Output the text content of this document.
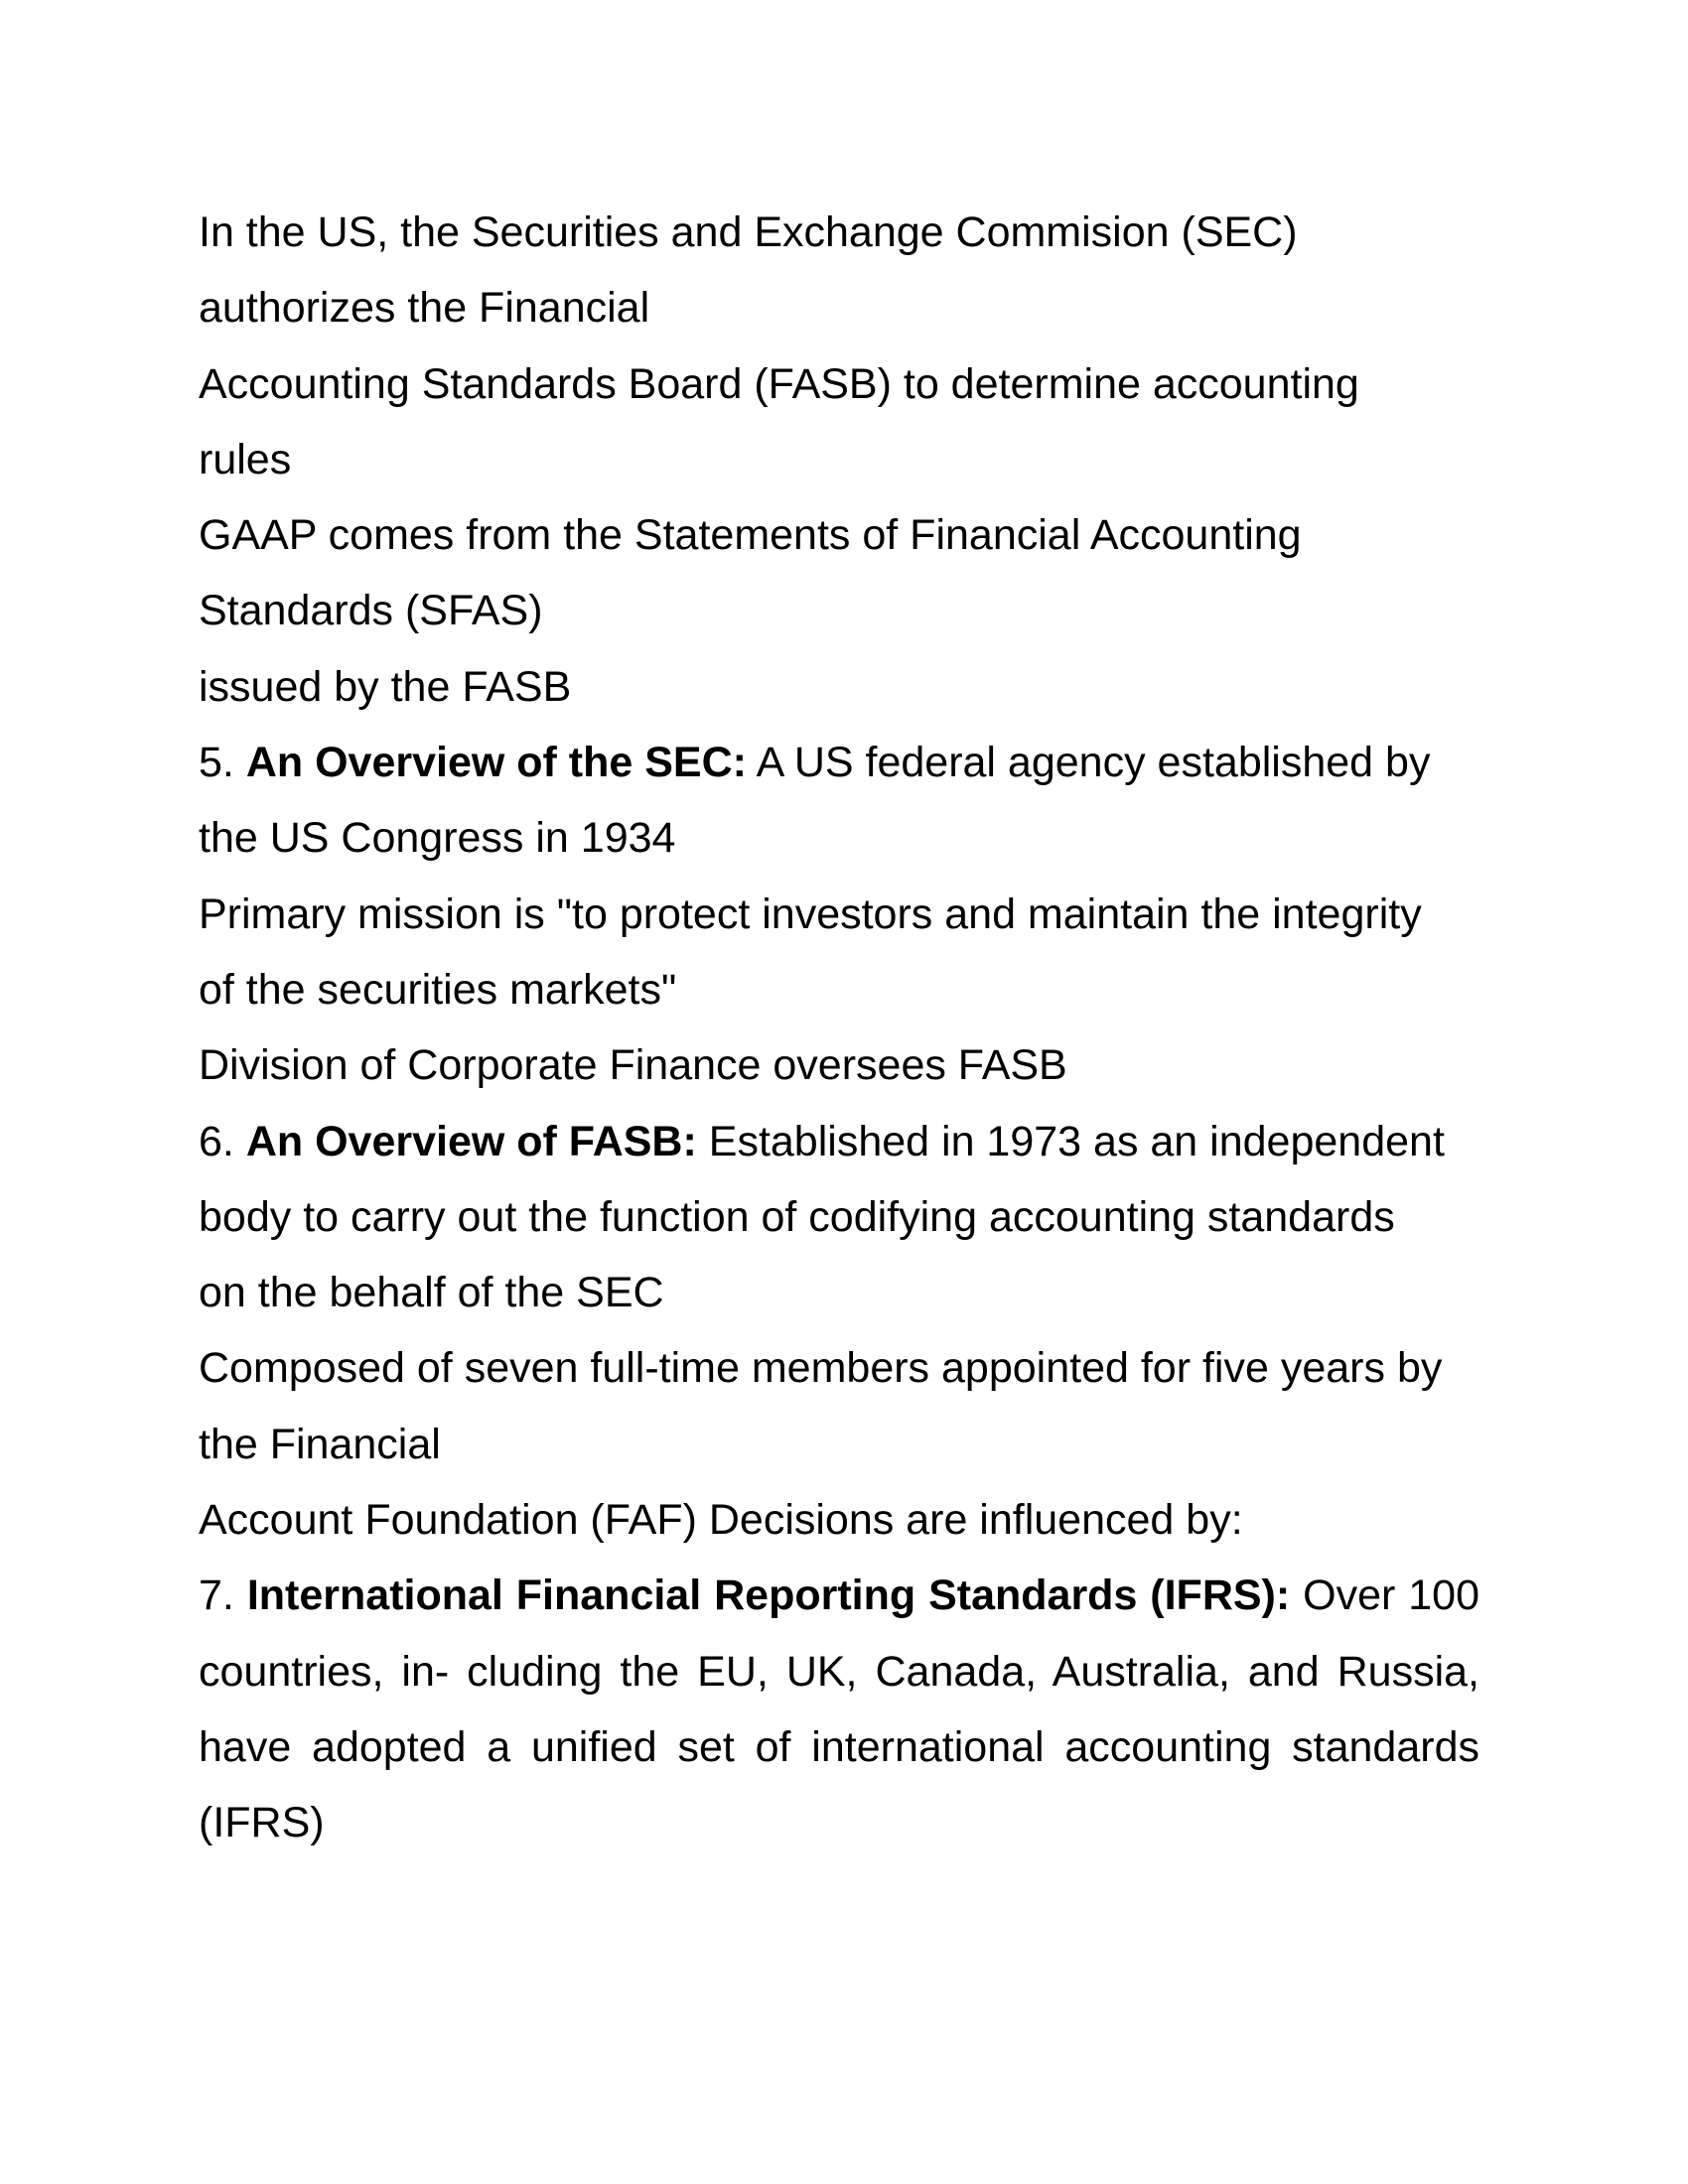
In the US, the Securities and Exchange Commision (SEC)
authorizes the Financial
Accounting Standards Board (FASB) to determine accounting
rules
GAAP comes from the Statements of Financial Accounting
Standards (SFAS)
issued by the FASB
5. An Overview of the SEC: A US federal agency established by
the US Congress in 1934
Primary mission is "to protect investors and maintain the integrity
of the securities markets"
Division of Corporate Finance oversees FASB
6. An Overview of FASB: Established in 1973 as an independent
body to carry out the function of codifying accounting standards
on the behalf of the SEC
Composed of seven full-time members appointed for five years by
the Financial
Account Foundation (FAF) Decisions are influenced by:
7. International Financial Reporting Standards (IFRS): Over 100 countries, in- cluding the EU, UK, Canada, Australia, and Russia, have adopted a unified set of international accounting standards (IFRS)
